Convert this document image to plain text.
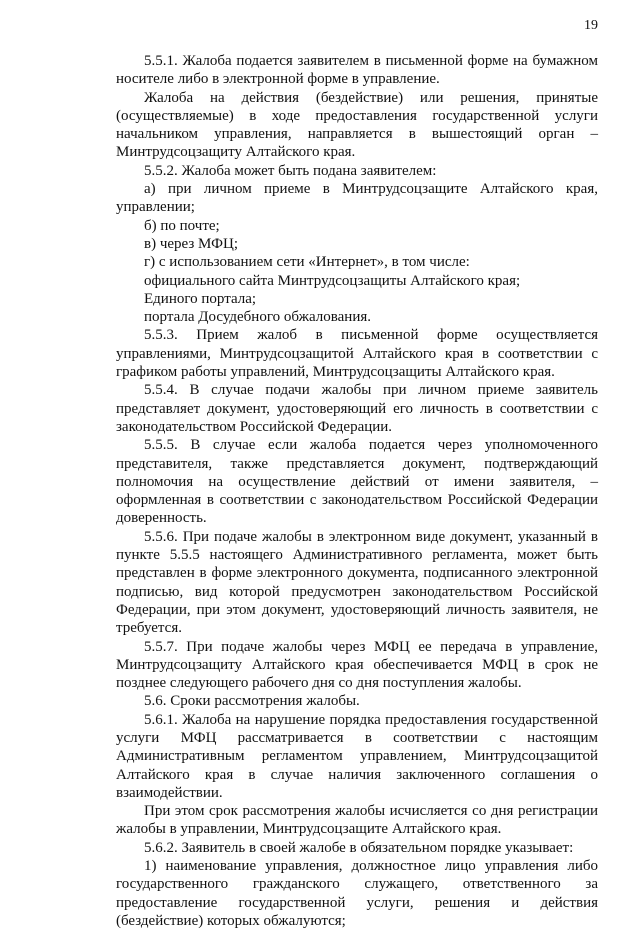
19

5.5.1. Жалоба подается заявителем в письменной форме на бумажном носителе либо в электронной форме в управление.

Жалоба на действия (бездействие) или решения, принятые (осуществляемые) в ходе предоставления государственной услуги начальником управления, направляется в вышестоящий орган – Минтрудсоцзащиту Алтайского края.

5.5.2. Жалоба может быть подана заявителем:

а) при личном приеме в Минтрудсоцзащите Алтайского края, управлении;

б) по почте;

в) через МФЦ;

г) с использованием сети «Интернет», в том числе:

официального сайта Минтрудсоцзащиты Алтайского края;

Единого портала;

портала Досудебного обжалования.

5.5.3. Прием жалоб в письменной форме осуществляется управлениями, Минтрудсоцзащитой Алтайского края в соответствии с графиком работы управлений, Минтрудсоцзащиты Алтайского края.

5.5.4. В случае подачи жалобы при личном приеме заявитель представляет документ, удостоверяющий его личность в соответствии с законодательством Российской Федерации.

5.5.5. В случае если жалоба подается через уполномоченного представителя, также представляется документ, подтверждающий полномочия на осуществление действий от имени заявителя, – оформленная в соответствии с законодательством Российской Федерации доверенность.

5.5.6. При подаче жалобы в электронном виде документ, указанный в пункте 5.5.5 настоящего Административного регламента, может быть представлен в форме электронного документа, подписанного электронной подписью, вид которой предусмотрен законодательством Российской Федерации, при этом документ, удостоверяющий личность заявителя, не требуется.

5.5.7. При подаче жалобы через МФЦ ее передача в управление, Минтрудсоцзащиту Алтайского края обеспечивается МФЦ в срок не позднее следующего рабочего дня со дня поступления жалобы.

5.6. Сроки рассмотрения жалобы.

5.6.1. Жалоба на нарушение порядка предоставления государственной услуги МФЦ рассматривается в соответствии с настоящим Административным регламентом управлением, Минтрудсоцзащитой Алтайского края в случае наличия заключенного соглашения о взаимодействии.

При этом срок рассмотрения жалобы исчисляется со дня регистрации жалобы в управлении, Минтрудсоцзащите Алтайского края.

5.6.2. Заявитель в своей жалобе в обязательном порядке указывает:

1) наименование управления, должностное лицо управления либо государственного гражданского служащего, ответственного за предоставление государственной услуги, решения и действия (бездействие) которых обжалуются;
